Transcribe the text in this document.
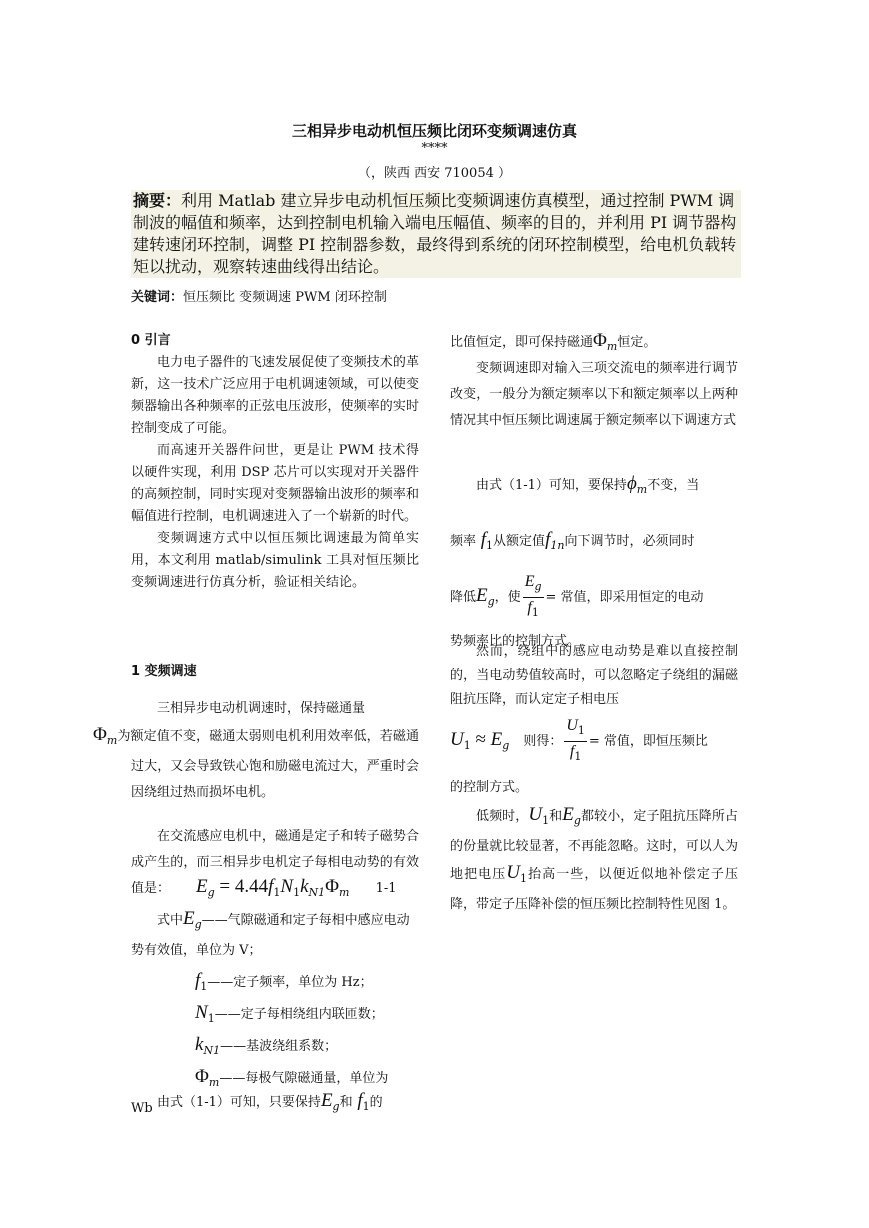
三相异步电动机恒压频比闭环变频调速仿真
****
（，陕西 西安 710054 ）
摘要：利用 Matlab 建立异步电动机恒压频比变频调速仿真模型，通过控制 PWM 调制波的幅值和频率，达到控制电机输入端电压幅值、频率的目的，并利用 PI 调节器构建转速闭环控制，调整 PI 控制器参数，最终得到系统的闭环控制模型，给电机负载转矩以扰动，观察转速曲线得出结论。
关键词：恒压频比 变频调速 PWM 闭环控制
0 引言

电力电子器件的飞速发展促使了变频技术的革新，这一技术广泛应用于电机调速领域，可以使变频器输出各种频率的正弦电压波形，使频率的实时控制变成了可能。

而高速开关器件问世，更是让 PWM 技术得以硬件实现，利用 DSP 芯片可以实现对开关器件的高频控制，同时实现对变频器输出波形的频率和幅值进行控制，电机调速进入了一个崭新的时代。

变频调速方式中以恒压频比调速最为简单实用，本文利用 matlab/simulink 工具对恒压频比变频调速进行仿真分析，验证相关结论。

1 变频调速

三相异步电动机调速时，保持磁通量
$\Phi_m$为额定值不变，磁通太弱则电机利用效率低，若磁通过大，又会导致铁心饱和励磁电流过大，严重时会因绕组过热而损坏电机。

在交流感应电机中，磁通是定子和转子磁势合成产生的，而三相异步电机定子每相电动势的有效值是：	$E_g = 4.44f_1N_1k_{N1}\Phi_m$ 1-1
式中$E_g——$气隙磁通和定子每相中感应电动势有效值，单位为 V；
$f_1——$定子频率，单位为 Hz；
$N_1——$定子每相绕组内联匝数；
$k_{N1}——$基波绕组系数；
$\Phi_m——$每极气隙磁通量，单位为
Wb 由式（1-1）可知，只要保持$E_g$和 $f_1$的
比值恒定，即可保持磁通$\Phi_m$恒定。

变频调速即对输入三项交流电的频率进行调节改变，一般分为额定频率以下和额定频率以上两种情况其中恒压频比调速属于额定频率以下调速方式

由式（1-1）可知，要保持$\phi_m$不变，当
频率 $f_1$从额定值$f_{1n}$向下调节时，必须同时
降低$E_g$，使 $\frac{E_g}{f_1}$ = 常值，即采用恒定的电动
势频率比的控制方式。

然而，绕组中的感应电动势是难以直接控制的，当电动势值较高时，可以忽略定子绕组的漏磁阻抗压降，而认定定子相电压

$U_1 \approx E_g$ 则得： $\frac{U_1}{f_1}$ = 常值，即恒压频比
的控制方式。
低频时，$U_1$和$E_g$都较小，定子阻抗压降所占的份量就比较显著，不再能忽略。这时，可以人为地把电压$U_1$抬高一些，以便近似地补偿定子压降，带定子压降补偿的恒压频比控制特性见图 1。
